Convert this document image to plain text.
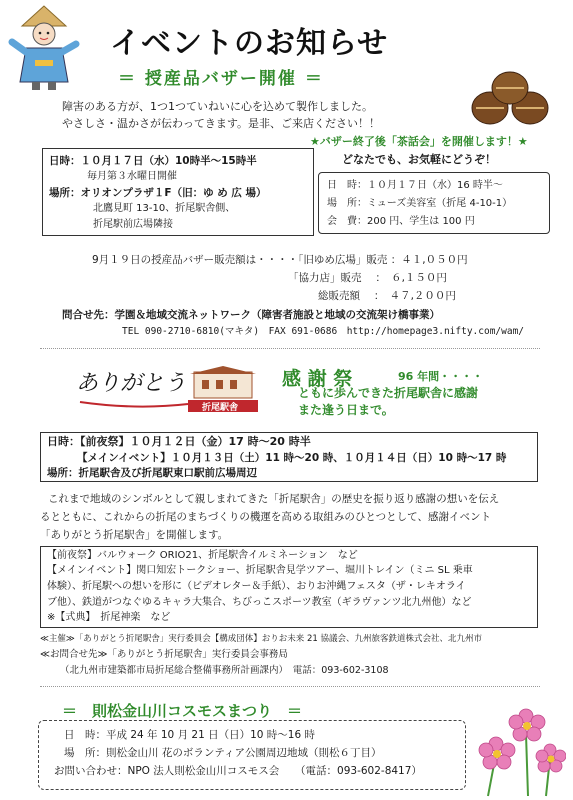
イベントのお知らせ
＝ 授産品バザー開催 ＝
障害のある方が、1つ1つていねいに心を込めて製作しました。
やさしさ・温かさが伝わってきます。是非、ご来店ください！！
日時：１０月１７日（水）10時半～15時半
毎月第３水曜日開催
場所：オリオンプラザ１F（旧：ゆ め 広 場）
北鷹見町 13-10、折尾駅舎側、
折尾駅前広場隣接
★バザー終了後「茶話会」を開催します！★
どなたでも、お気軽にどうぞ！
日　時：１０月１７日（水）16 時半～
場　所：ミューズ美容室（折尾 4-10-1）
会　費：200 円、学生は 100 円
9月１９日の授産品バザー販売額は・・・・「旧ゆめ広場」販売 ：４１,０５０円
「協力店」販売　 ：　６,１５０円
総販売額　 ：　４７,２００円
問合せ先：学園＆地域交流ネットワーク（障害者施設と地域の交流架け橋事業）
TEL 090-2710-6810(マキタ)　FAX 691-0686　http://homepage3.nifty.com/wam/
ありがとう
折尾駅舎
感 謝 祭	96 年間・・・・
ともに歩んできた折尾駅舎に感謝
また逢う日まで。
日時：【前夜祭】１０月１２日（金）17 時～20 時半
【メインイベント】１０月１３日（土）11 時～20 時、１０月１４日（日）10 時～17 時
場所：折尾駅舎及び折尾駅東口駅前広場周辺
これまで地域のシンボルとして親しまれてきた「折尾駅舎」の歴史を振り返り感謝の想いを伝え
るとともに、これからの折尾のまちづくりの機運を高める取組みのひとつとして、感謝イベント
「ありがとう折尾駅舎」を開催します。
【前夜祭】バルウォーク ORIO21、折尾駅舎イルミネーション　など
【メインイベント】関口知宏トークショー、折尾駅舎見学ツアー、堀川トレイン（ミニ SL 乗車
体験）、折尾駅への想いを形に（ビデオレター＆手紙）、おりお沖縄フェスタ（ザ・レキオライ
ブ他）、鉄道がつなぐゆるキャラ大集合、ちびっこスポーツ教室（ギラヴァンツ北九州他）など
※【式典】　折尾神楽　など
≪主催≫「ありがとう折尾駅舎」実行委員会【構成団体】おりお未来 21 協議会、九州旅客鉄道株式会社、北九州市
≪お問合せ先≫「ありがとう折尾駅舎」実行委員会事務局
（北九州市建築都市局折尾総合整備事務所計画課内）　電話：093-602-3108
＝　則松金山川コスモスまつり　＝
日　時：平成 24 年 10 月 21 日（日）10 時～16 時
場　所：則松金山川 花のボランティア公園周辺地域（則松６丁目）
お問い合わせ：NPO 法人則松金山川コスモス会　　（電話：093-602-8417）
